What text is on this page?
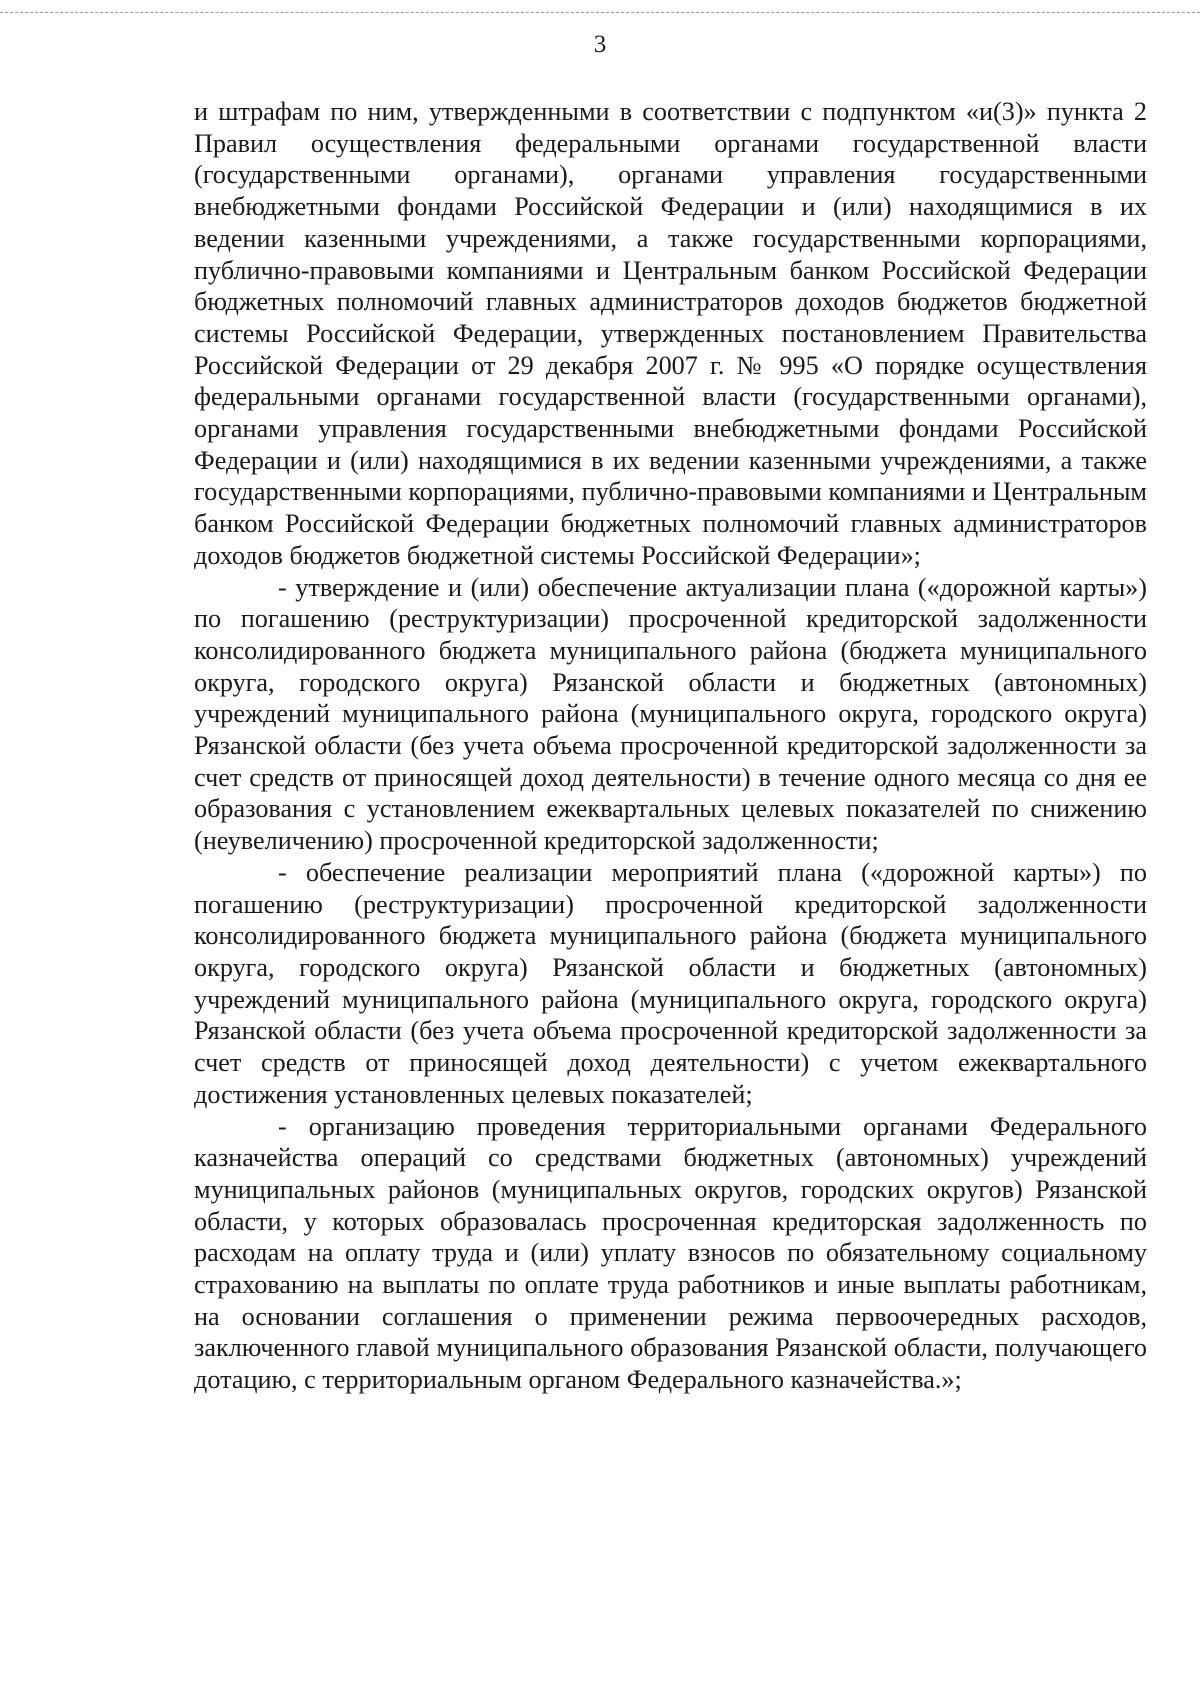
3

и штрафам по ним, утвержденными в соответствии с подпунктом «и(3)» пункта 2 Правил осуществления федеральными органами государственной власти (государственными органами), органами управления государственными внебюджетными фондами Российской Федерации и (или) находящимися в их ведении казенными учреждениями, а также государственными корпорациями, публично-правовыми компаниями и Центральным банком Российской Федерации бюджетных полномочий главных администраторов доходов бюджетов бюджетной системы Российской Федерации, утвержденных постановлением Правительства Российской Федерации от 29 декабря 2007 г. № 995 «О порядке осуществления федеральными органами государственной власти (государственными органами), органами управления государственными внебюджетными фондами Российской Федерации и (или) находящимися в их ведении казенными учреждениями, а также государственными корпорациями, публично-правовыми компаниями и Центральным банком Российской Федерации бюджетных полномочий главных администраторов доходов бюджетов бюджетной системы Российской Федерации»;

- утверждение и (или) обеспечение актуализации плана («дорожной карты») по погашению (реструктуризации) просроченной кредиторской задолженности консолидированного бюджета муниципального района (бюджета муниципального округа, городского округа) Рязанской области и бюджетных (автономных) учреждений муниципального района (муниципального округа, городского округа) Рязанской области (без учета объема просроченной кредиторской задолженности за счет средств от приносящей доход деятельности) в течение одного месяца со дня ее образования с установлением ежеквартальных целевых показателей по снижению (неувеличению) просроченной кредиторской задолженности;

- обеспечение реализации мероприятий плана («дорожной карты») по погашению (реструктуризации) просроченной кредиторской задолженности консолидированного бюджета муниципального района (бюджета муниципального округа, городского округа) Рязанской области и бюджетных (автономных) учреждений муниципального района (муниципального округа, городского округа) Рязанской области (без учета объема просроченной кредиторской задолженности за счет средств от приносящей доход деятельности) с учетом ежеквартального достижения установленных целевых показателей;

- организацию проведения территориальными органами Федерального казначейства операций со средствами бюджетных (автономных) учреждений муниципальных районов (муниципальных округов, городских округов) Рязанской области, у которых образовалась просроченная кредиторская задолженность по расходам на оплату труда и (или) уплату взносов по обязательному социальному страхованию на выплаты по оплате труда работников и иные выплаты работникам, на основании соглашения о применении режима первоочередных расходов, заключенного главой муниципального образования Рязанской области, получающего дотацию, с территориальным органом Федерального казначейства.»;
